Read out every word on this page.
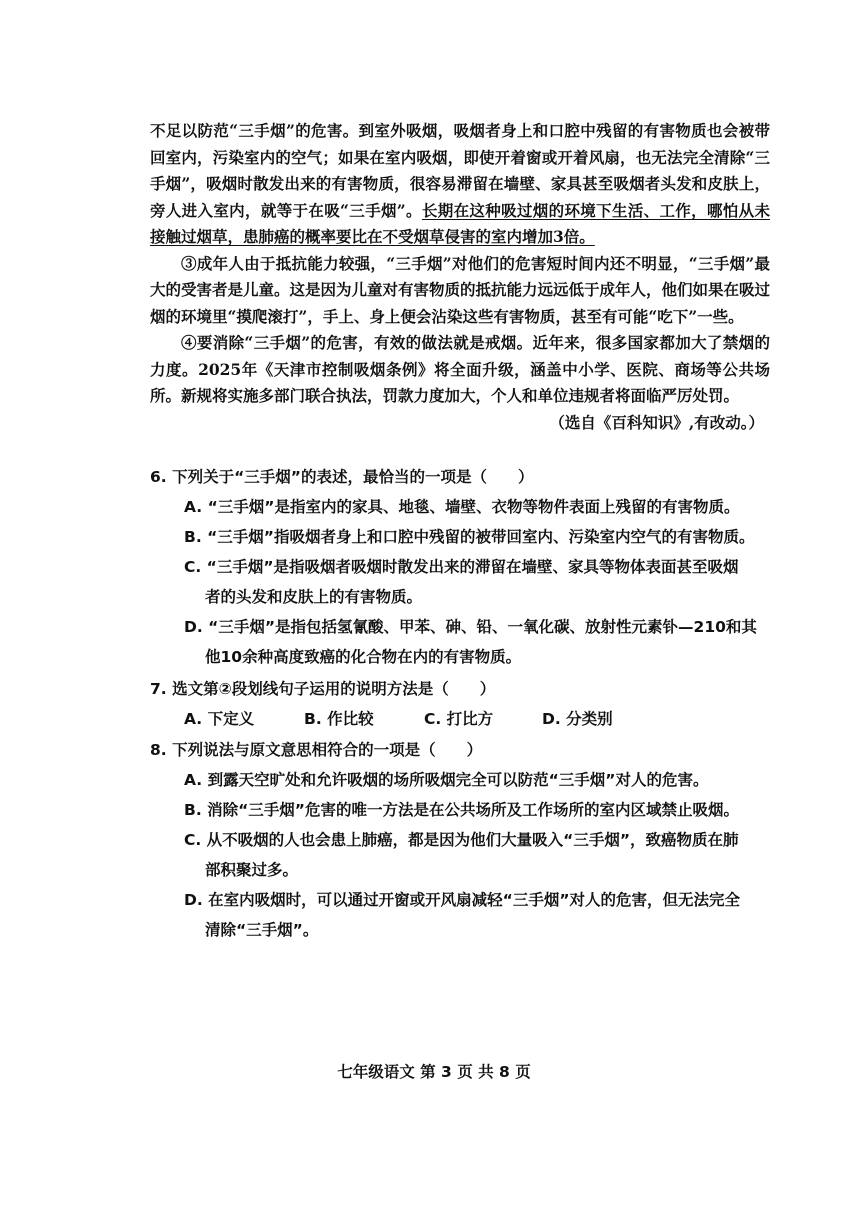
不足以防范“三手烟”的危害。到室外吸烟，吸烟者身上和口腔中残留的有害物质也会被带回室内，污染室内的空气；如果在室内吸烟，即使开着窗或开着风扇，也无法完全清除“三手烟”，吸烟时散发出来的有害物质，很容易滞留在墙壁、家具甚至吸烟者头发和皮肤上，旁人进入室内，就等于在吸“三手烟”。长期在这种吸过烟的环境下生活、工作，哪怕从未接触过烟草，患肺癌的概率要比在不受烟草侵害的室内增加3倍。

③成年人由于抵抗能力较强，“三手烟”对他们的危害短时间内还不明显，“三手烟”最大的受害者是儿童。这是因为儿童对有害物质的抵抗能力远远低于成年人，他们如果在吸过烟的环境里“摸爬滚打”，手上、身上便会沾染这些有害物质，甚至有可能“吃下”一些。

④要消除“三手烟”的危害，有效的做法就是戒烟。近年来，很多国家都加大了禁烟的力度。2025年《天津市控制吸烟条例》将全面升级，涵盖中小学、医院、商场等公共场所。新规将实施多部门联合执法，罚款力度加大，个人和单位违规者将面临严厉处罚。

（选自《百科知识》,有改动。）

6. 下列关于“三手烟”的表述，最恰当的一项是（　　）

A. “三手烟”是指室内的家具、地毯、墙壁、衣物等物件表面上残留的有害物质。

B. “三手烟”指吸烟者身上和口腔中残留的被带回室内、污染室内空气的有害物质。

C. “三手烟”是指吸烟者吸烟时散发出来的滞留在墙壁、家具等物体表面甚至吸烟
者的头发和皮肤上的有害物质。

D. “三手烟”是指包括氢氰酸、甲苯、砷、铅、一氧化碳、放射性元素钋—210和其
他10余种高度致癌的化合物在内的有害物质。

7. 选文第②段划线句子运用的说明方法是（　　）

A. 下定义	B. 作比较	C. 打比方	D. 分类别

8. 下列说法与原文意思相符合的一项是（　　）

A. 到露天空旷处和允许吸烟的场所吸烟完全可以防范“三手烟”对人的危害。

B. 消除“三手烟”危害的唯一方法是在公共场所及工作场所的室内区域禁止吸烟。

C. 从不吸烟的人也会患上肺癌，都是因为他们大量吸入“三手烟”，致癌物质在肺
部积聚过多。

D. 在室内吸烟时，可以通过开窗或开风扇减轻“三手烟”对人的危害，但无法完全
清除“三手烟”。

七年级语文 第 3 页 共 8 页
